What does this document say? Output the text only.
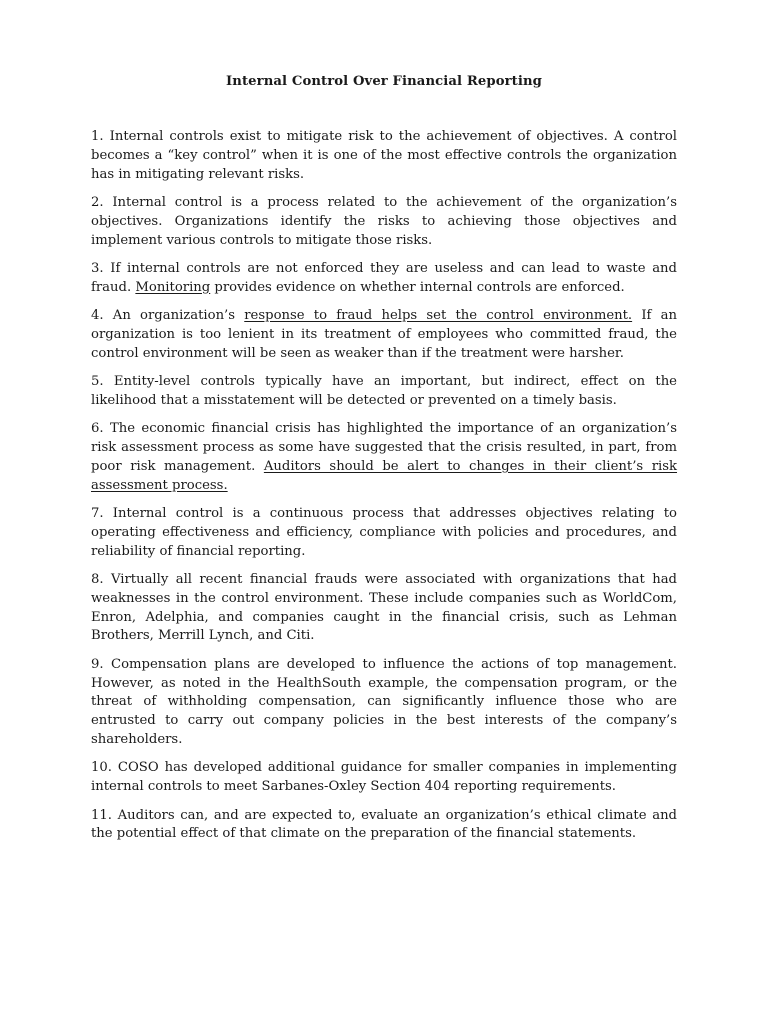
Internal Control Over Financial Reporting

1. Internal controls exist to mitigate risk to the achievement of objectives. A control becomes a “key control” when it is one of the most effective controls the organization has in mitigating relevant risks.

2. Internal control is a process related to the achievement of the organization’s objectives. Organizations identify the risks to achieving those objectives and implement various controls to mitigate those risks.

3. If internal controls are not enforced they are useless and can lead to waste and fraud. Monitoring provides evidence on whether internal controls are enforced.

4. An organization’s response to fraud helps set the control environment. If an organization is too lenient in its treatment of employees who committed fraud, the control environment will be seen as weaker than if the treatment were harsher.

5. Entity-level controls typically have an important, but indirect, effect on the likelihood that a misstatement will be detected or prevented on a timely basis.

6. The economic financial crisis has highlighted the importance of an organization’s risk assessment process as some have suggested that the crisis resulted, in part, from poor risk management. Auditors should be alert to changes in their client’s risk assessment process.

7. Internal control is a continuous process that addresses objectives relating to operating effectiveness and efficiency, compliance with policies and procedures, and reliability of financial reporting.

8. Virtually all recent financial frauds were associated with organizations that had weaknesses in the control environment. These include companies such as WorldCom, Enron, Adelphia, and companies caught in the financial crisis, such as Lehman Brothers, Merrill Lynch, and Citi.

9. Compensation plans are developed to influence the actions of top management. However, as noted in the HealthSouth example, the compensation program, or the threat of withholding compensation, can significantly influence those who are entrusted to carry out company policies in the best interests of the company’s shareholders.

10. COSO has developed additional guidance for smaller companies in implementing internal controls to meet Sarbanes-Oxley Section 404 reporting requirements.

11. Auditors can, and are expected to, evaluate an organization’s ethical climate and the potential effect of that climate on the preparation of the financial statements.
